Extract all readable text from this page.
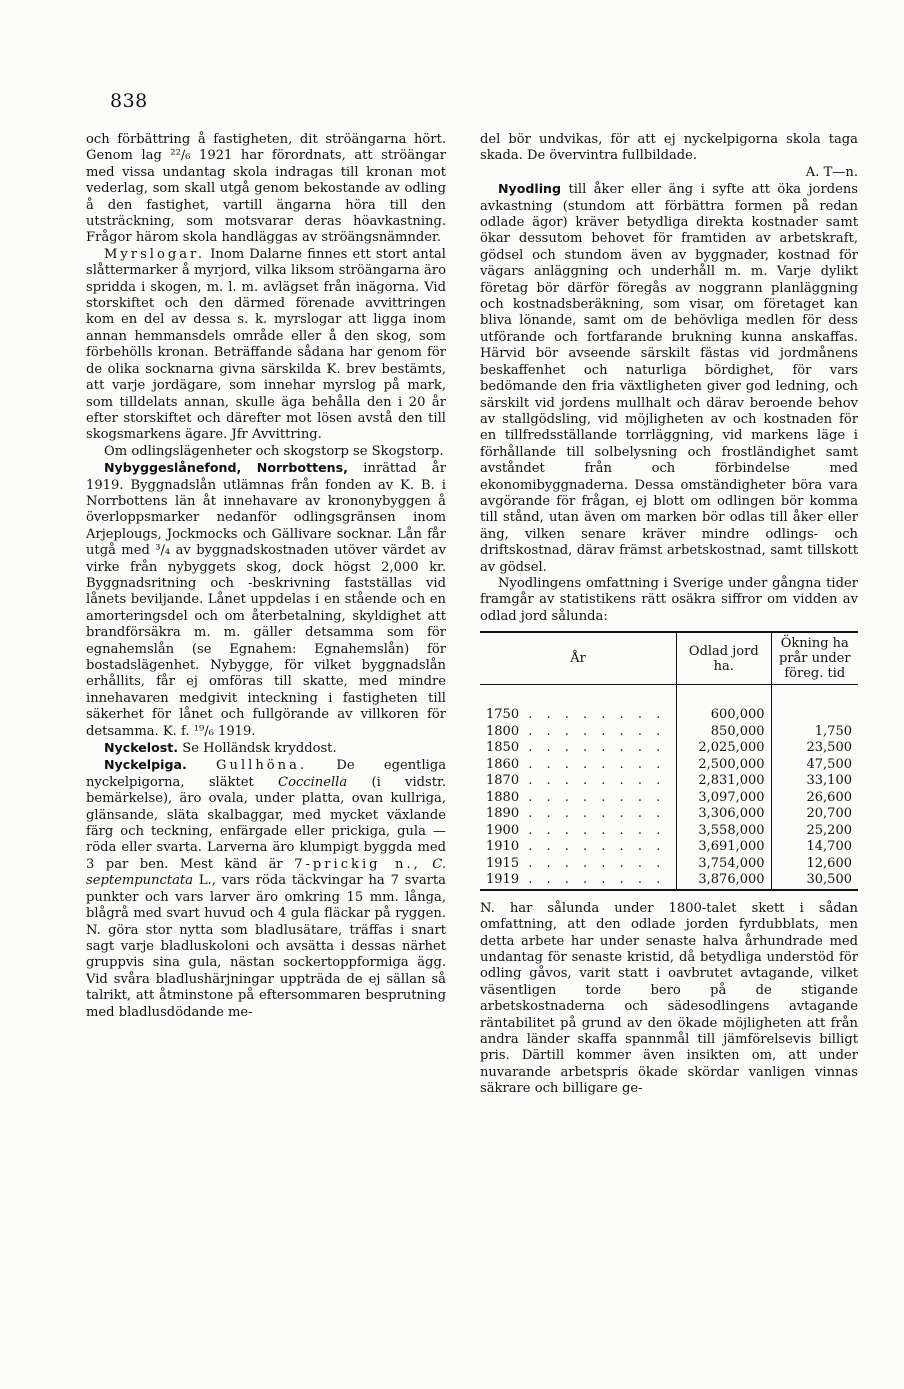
838

och förbättring å fastigheten, dit ströängarna hört. Genom lag ²²/₆ 1921 har förordnats, att ströängar med vissa undantag skola indragas till kronan mot vederlag, som skall utgå genom bekostande av odling å den fastighet, vartill ängarna höra till den utsträckning, som motsvarar deras höavkastning. Frågor härom skola handläggas av ströängsnämnder.

Myrslogar. Inom Dalarne finnes ett stort antal slåttermarker å myrjord, vilka liksom ströängarna äro spridda i skogen, m. l. m. avlägset från inägorna. Vid storskiftet och den därmed förenade avvittringen kom en del av dessa s. k. myrslogar att ligga inom annan hemmansdels område eller å den skog, som förbehölls kronan. Beträffande sådana har genom för de olika socknarna givna särskilda K. brev bestämts, att varje jordägare, som innehar myrslog på mark, som tilldelats annan, skulle äga behålla den i 20 år efter storskiftet och därefter mot lösen avstå den till skogsmarkens ägare. Jfr Avvittring.

Om odlingslägenheter och skogstorp se Skogstorp.

Nybyggeslånefond, Norrbottens, inrättad år 1919. Byggnadslån utlämnas från fonden av K. B. i Norrbottens län åt innehavare av krononybyggen å överloppsmarker nedanför odlingsgränsen inom Arjeplougs, Jockmocks och Gällivare socknar. Lån får utgå med ³/₄ av byggnadskostnaden utöver värdet av virke från nybyggets skog, dock högst 2,000 kr. Byggnadsritning och -beskrivning fastställas vid lånets beviljande. Lånet uppdelas i en stående och en amorteringsdel och om återbetalning, skyldighet att brandförsäkra m. m. gäller detsamma som för egnahemslån (se Egnahem: Egnahemslån) för bostadslägenhet. Nybygge, för vilket byggnadslån erhållits, får ej omföras till skatte, med mindre innehavaren medgivit inteckning i fastigheten till säkerhet för lånet och fullgörande av villkoren för detsamma. K. f. ¹⁹/₆ 1919.

Nyckelost. Se Holländsk kryddost.

Nyckelpiga. Gullhöna. De egentliga nyckelpigorna, släktet Coccinella (i vidstr. bemärkelse), äro ovala, under platta, ovan kullriga, glänsande, släta skalbaggar, med mycket växlande färg och teckning, enfärgade eller prickiga, gula — röda eller svarta. Larverna äro klumpigt byggda med 3 par ben. Mest känd är 7-prickig n., C. septempunctata L., vars röda täckvingar ha 7 svarta punkter och vars larver äro omkring 15 mm. långa, blågrå med svart huvud och 4 gula fläckar på ryggen. N. göra stor nytta som bladlusätare, träffas i snart sagt varje bladluskoloni och avsätta i dessas närhet gruppvis sina gula, nästan sockertoppformiga ägg. Vid svåra bladlushärjningar uppträda de ej sällan så talrikt, att åtminstone på eftersommaren besprutning med bladlusdödande me-

del bör undvikas, för att ej nyckelpigorna skola taga skada. De övervintra fullbildade.

A. T—n.

Nyodling till åker eller äng i syfte att öka jordens avkastning (stundom att förbättra formen på redan odlade ägor) kräver betydliga direkta kostnader samt ökar dessutom behovet för framtiden av arbetskraft, gödsel och stundom även av byggnader, kostnad för vägars anläggning och underhåll m. m. Varje dylikt företag bör därför föregås av noggrann planläggning och kostnadsberäkning, som visar, om företaget kan bliva lönande, samt om de behövliga medlen för dess utförande och fortfarande brukning kunna anskaffas. Härvid bör avseende särskilt fästas vid jordmånens beskaffenhet och naturliga bördighet, för vars bedömande den fria växtligheten giver god ledning, och särskilt vid jordens mullhalt och därav beroende behov av stallgödsling, vid möjligheten av och kostnaden för en tillfredsställande torrläggning, vid markens läge i förhållande till solbelysning och frostländighet samt avståndet från och förbindelse med ekonomibyggnaderna. Dessa omständigheter böra vara avgörande för frågan, ej blott om odlingen bör komma till stånd, utan även om marken bör odlas till åker eller äng, vilken senare kräver mindre odlings- och driftskostnad, därav främst arbetskostnad, samt tillskott av gödsel.

Nyodlingens omfattning i Sverige under gångna tider framgår av statistikens rätt osäkra siffror om vidden av odlad jord sålunda:

År	Odlad jord ha.	Ökning ha prår under föreg. tid

1750 . . . . . . . .	600,000	
1800 . . . . . . . .	850,000	1,750
1850 . . . . . . . .	2,025,000	23,500
1860 . . . . . . . .	2,500,000	47,500
1870 . . . . . . . .	2,831,000	33,100
1880 . . . . . . . .	3,097,000	26,600
1890 . . . . . . . .	3,306,000	20,700
1900 . . . . . . . .	3,558,000	25,200
1910 . . . . . . . .	3,691,000	14,700
1915 . . . . . . . .	3,754,000	12,600
1919 . . . . . . . .	3,876,000	30,500

N. har sålunda under 1800-talet skett i sådan omfattning, att den odlade jorden fyrdubblats, men detta arbete har under senaste halva århundrade med undantag för senaste kristid, då betydliga understöd för odling gåvos, varit statt i oavbrutet avtagande, vilket väsentligen torde bero på de stigande arbetskostnaderna och sädesodlingens avtagande räntabilitet på grund av den ökade möjligheten att från andra länder skaffa spannmål till jämförelsevis billigt pris. Därtill kommer även insikten om, att under nuvarande arbetspris ökade skördar vanligen vinnas säkrare och billigare ge-
